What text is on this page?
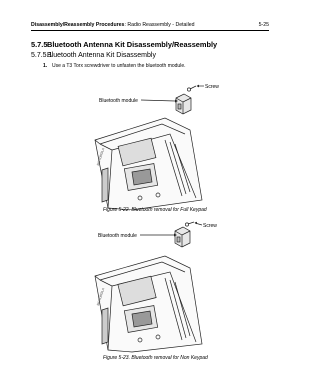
Disassembly/Reassembly Procedures: Radio Reassembly - Detailed	5-25
5.7.5Bluetooth Antenna Kit Disassembly/Reassembly
5.7.5.1Bluetooth Antenna Kit Disassembly
1. Use a T3 Torx screwdriver to unfasten the bluetooth module.
MOTOROLA
Bluetooth module
Screw
Figure 5-22. Bluetooth removal for Full Keypad
MOTOROLA
Bluetooth module
Screw
Figure 5-23. Bluetooth removal for Non Keypad
